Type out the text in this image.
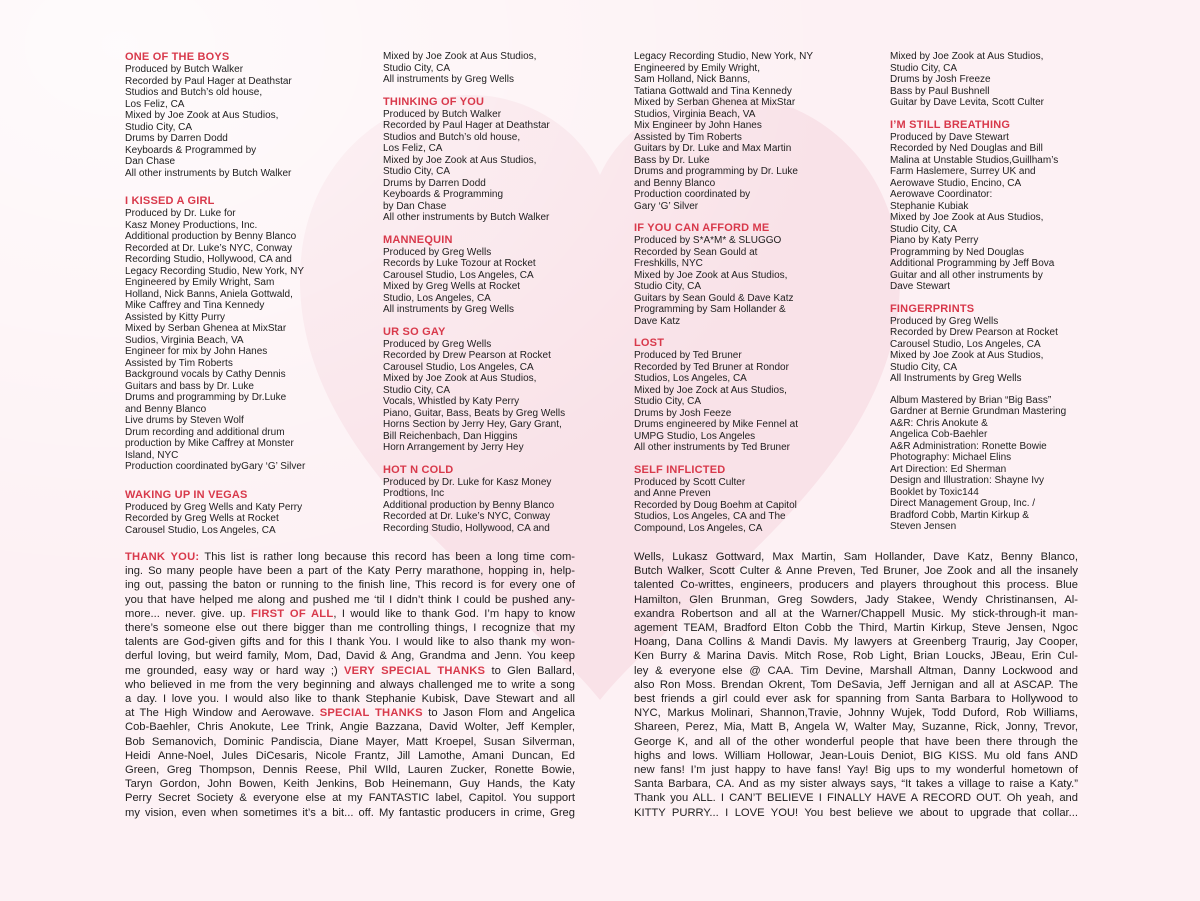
ONE OF THE BOYS
Produced by Butch Walker
Recorded by Paul Hager at Deathstar
Studios and Butch’s old house,
Los Feliz, CA
Mixed by Joe Zook at Aus Studios,
Studio City, CA
Drums by Darren Dodd
Keyboards & Programmed by
Dan Chase
All other instruments by Butch Walker
I KISSED A GIRL
Produced by Dr. Luke for
Kasz Money Productions, Inc.
Additional production by Benny Blanco
Recorded at Dr. Luke’s NYC, Conway
Recording Studio, Hollywood, CA and
Legacy Recording Studio, New York, NY
Engineered by Emily Wright, Sam
Holland, Nick Banns, Aniela Gottwald,
Mike Caffrey and Tina Kennedy
Assisted by Kitty Purry
Mixed by Serban Ghenea at MixStar
Sudios, Virginia Beach, VA
Engineer for mix by John Hanes
Assisted by Tim Roberts
Background vocals by Cathy Dennis
Guitars and bass by Dr. Luke
Drums and programming by Dr.Luke
and Benny Blanco
Live drums by Steven Wolf
Drum recording and additional drum
production by Mike Caffrey at Monster
Island, NYC
Production coordinated byGary ‘G’ Silver
WAKING UP IN VEGAS
Produced by Greg Wells and Katy Perry
Recorded by Greg Wells at Rocket
Carousel Studio, Los Angeles, CA
Mixed by Joe Zook at Aus Studios,
Studio City, CA
All instruments by Greg Wells
THINKING OF YOU
Produced by Butch Walker
Recorded by Paul Hager at Deathstar
Studios and Butch’s old house,
Los Feliz, CA
Mixed by Joe Zook at Aus Studios,
Studio City, CA
Drums by Darren Dodd
Keyboards & Programming
by Dan Chase
All other instruments by Butch Walker
MANNEQUIN
Produced by Greg Wells
Records by Luke Tozour at Rocket
Carousel Studio, Los Angeles, CA
Mixed by Greg Wells at Rocket
Studio, Los Angeles, CA
All instruments by Greg Wells
UR SO GAY
Produced by Greg Wells
Recorded by Drew Pearson at Rocket
Carousel Studio, Los Angeles, CA
Mixed by Joe Zook at Aus Studios,
Studio City, CA
Vocals, Whistled by Katy Perry
Piano, Guitar, Bass, Beats by Greg Wells
Horns Section by Jerry Hey, Gary Grant,
Bill Reichenbach, Dan Higgins
Horn Arrangement by Jerry Hey
HOT N COLD
Produced by Dr. Luke for Kasz Money
Prodtions, Inc
Additional production by Benny Blanco
Recorded at Dr. Luke’s NYC, Conway
Recording Studio, Hollywood, CA and
Legacy Recording Studio, New York, NY
Engineered by Emily Wright,
Sam Holland, Nick Banns,
Tatiana Gottwald and Tina Kennedy
Mixed by Serban Ghenea at MixStar
Studios, Virginia Beach, VA
Mix Engineer by John Hanes
Assisted by Tim Roberts
Guitars by Dr. Luke and Max Martin
Bass by Dr. Luke
Drums and programming by Dr. Luke
and Benny Blanco
Production coordinated by
Gary ‘G’ Silver
IF YOU CAN AFFORD ME
Produced by S*A*M* & SLUGGO
Recorded by Sean Gould at
Freshkills, NYC
Mixed by Joe Zook at Aus Studios,
Studio City, CA
Guitars by Sean Gould & Dave Katz
Programming by Sam Hollander &
Dave Katz
LOST
Produced by Ted Bruner
Recorded by Ted Bruner at Rondor
Studios, Los Angeles, CA
Mixed by Joe Zock at Aus Studios,
Studio City, CA
Drums by Josh Feeze
Drums engineered by Mike Fennel at
UMPG Studio, Los Angeles
All other instruments by Ted Bruner
SELF INFLICTED
Produced by Scott Culter
and Anne Preven
Recorded by Doug Boehm at Capitol
Studios, Los Angeles, CA and The
Compound, Los Angeles, CA
Mixed by Joe Zook at Aus Studios,
Studio City, CA
Drums by Josh Freeze
Bass by Paul Bushnell
Guitar by Dave Levita, Scott Culter
I’M STILL BREATHING
Produced by Dave Stewart
Recorded by Ned Douglas and Bill
Malina at Unstable Studios,Guillham’s
Farm Haslemere, Surrey UK and
Aerowave Studio, Encino, CA
Aerowave Coordinator:
Stephanie Kubiak
Mixed by Joe Zook at Aus Studios,
Studio City, CA
Piano by Katy Perry
Programming by Ned Douglas
Additional Programming by Jeff Bova
Guitar and all other instruments by
Dave Stewart
FINGERPRINTS
Produced by Greg Wells
Recorded by Drew Pearson at Rocket
Carousel Studio, Los Angeles, CA
Mixed by Joe Zook at Aus Studios,
Studio City, CA
All Instruments by Greg Wells
Album Mastered by Brian “Big Bass”
Gardner at Bernie Grundman Mastering
A&R: Chris Anokute &
Angelica Cob-Baehler
A&R Administration: Ronette Bowie
Photography: Michael Elins
Art Direction: Ed Sherman
Design and Illustration: Shayne Ivy
Booklet by Toxic144
Direct Management Group, Inc. /
Bradford Cobb, Martin Kirkup &
Steven Jensen
THANK YOU: This list is rather long because this record has been a long time com-
ing. So many people have been a part of the Katy Perry marathone, hopping in, help-
ing out, passing the baton or running to the finish line, This record is for every one of
you that have helped me along and pushed me ‘til I didn’t think I could be pushed any-
more... never. give. up. FIRST OF ALL, I would like to thank God. I’m hapy to know
there’s someone else out there bigger than me controlling things, I recognize that my
talents are God-given gifts and for this I thank You. I would like to also thank my won-
derful loving, but weird family, Mom, Dad, David & Ang, Grandma and Jenn. You keep
me grounded, easy way or hard way ;) VERY SPECIAL THANKS to Glen Ballard,
who believed in me from the very beginning and always challenged me to write a song
a day. I love you. I would also like to thank Stephanie Kubisk, Dave Stewart and all
at The High Window and Aerowave. SPECIAL THANKS to Jason Flom and Angelica
Cob-Baehler, Chris Anokute, Lee Trink, Angie Bazzana, David Wolter, Jeff Kempler,
Bob Semanovich, Dominic Pandiscia, Diane Mayer, Matt Kroepel, Susan Silverman,
Heidi Anne-Noel, Jules DiCesaris, Nicole Frantz, Jill Lamothe, Amani Duncan, Ed
Green, Greg Thompson, Dennis Reese, Phil WIld, Lauren Zucker, Ronette Bowie,
Taryn Gordon, John Bowen, Keith Jenkins, Bob Heinemann, Guy Hands, the Katy
Perry Secret Society & everyone else at my FANTASTIC label, Capitol. You support
my vision, even when sometimes it’s a bit... off. My fantastic producers in crime, Greg
Wells, Lukasz Gottward, Max Martin, Sam Hollander, Dave Katz, Benny Blanco,
Butch Walker, Scott Culter & Anne Preven, Ted Bruner, Joe Zook and all the insanely
talented Co-writtes, engineers, producers and players throughout this process. Blue
Hamilton, Glen Brunman, Greg Sowders, Jady Stakee, Wendy Christinansen, Al-
exandra Robertson and all at the Warner/Chappell Music. My stick-through-it man-
agement TEAM, Bradford Elton Cobb the Third, Martin Kirkup, Steve Jensen, Ngoc
Hoang, Dana Collins & Mandi Davis. My lawyers at Greenberg Traurig, Jay Cooper,
Ken Burry & Marina Davis. Mitch Rose, Rob Light, Brian Loucks, JBeau, Erin Cul-
ley & everyone else @ CAA. Tim Devine, Marshall Altman, Danny Lockwood and
also Ron Moss. Brendan Okrent, Tom DeSavia, Jeff Jernigan and all at ASCAP. The
best friends a girl could ever ask for spanning from Santa Barbara to Hollywood to
NYC, Markus Molinari, Shannon,Travie, Johnny Wujek, Todd Duford, Rob Williams,
Shareen, Perez, Mia, Matt B, Angela W, Walter May, Suzanne, Rick, Jonny, Trevor,
George K, and all of the other wonderful people that have been there through the
highs and lows. William Hollowar, Jean-Louis Deniot, BIG KISS. Mu old fans AND
new fans! I’m just happy to have fans! Yay! Big ups to my wonderful hometown of
Santa Barbara, CA. And as my sister always says, “It takes a village to raise a Katy.”
Thank you ALL. I CAN’T BELIEVE I FINALLY HAVE A RECORD OUT. Oh yeah, and
KITTY PURRY... I LOVE YOU! You best believe we about to upgrade that collar...
